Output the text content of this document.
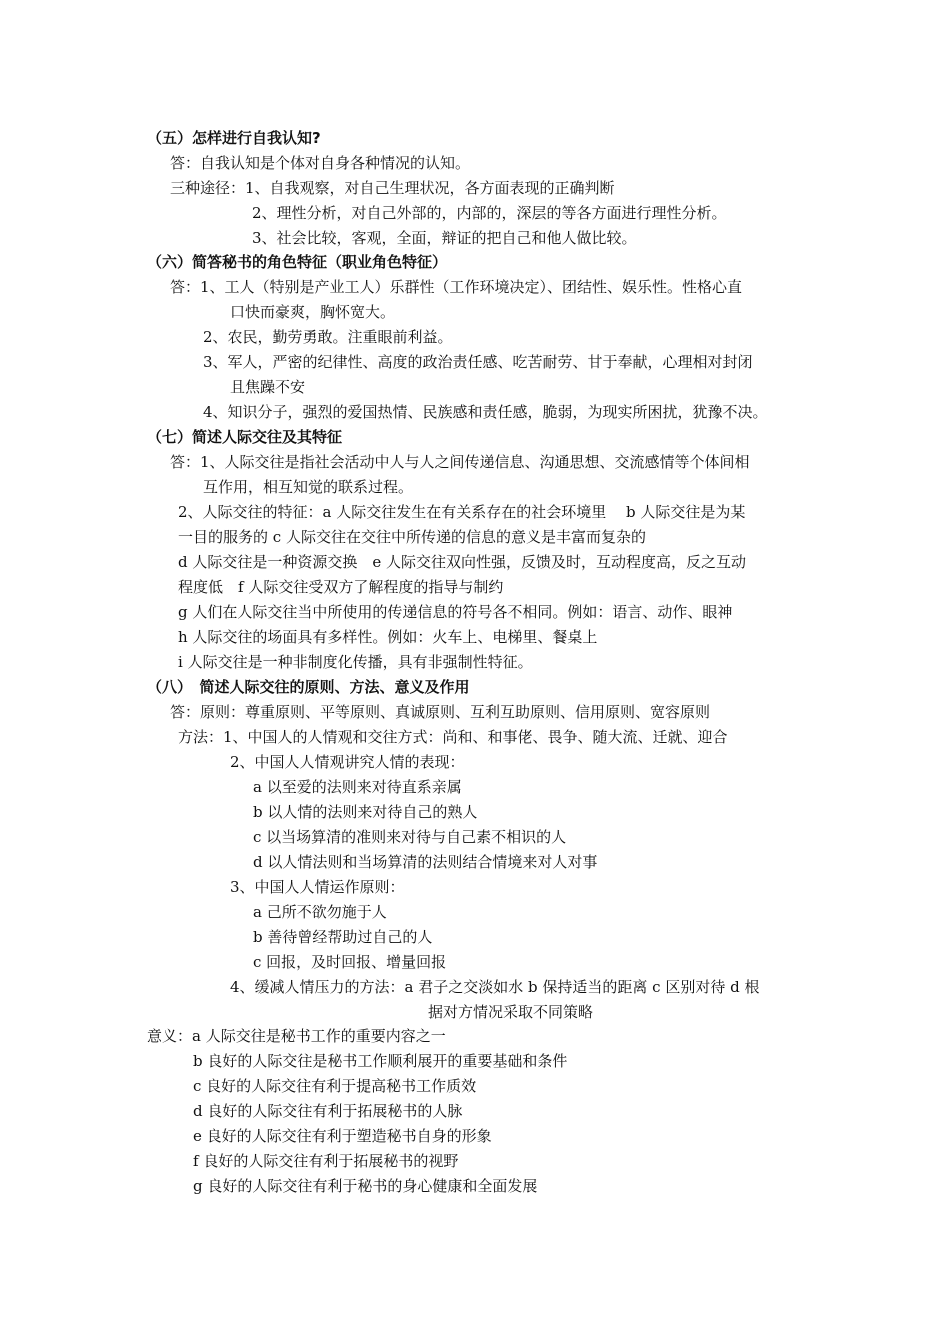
（五）怎样进行自我认知?
答：自我认知是个体对自身各种情况的认知。
三种途径：1、自我观察，对自己生理状况，各方面表现的正确判断
2、理性分析，对自己外部的，内部的，深层的等各方面进行理性分析。
3、社会比较，客观，全面，辩证的把自己和他人做比较。
（六）简答秘书的角色特征（职业角色特征）
答：1、工人（特别是产业工人）乐群性（工作环境决定）、团结性、娱乐性。性格心直
口快而豪爽，胸怀宽大。
2、农民，勤劳勇敢。注重眼前利益。
3、军人，严密的纪律性、高度的政治责任感、吃苦耐劳、甘于奉献，心理相对封闭
且焦躁不安
4、知识分子，强烈的爱国热情、民族感和责任感，脆弱，为现实所困扰，犹豫不决。
（七）简述人际交往及其特征
答：1、人际交往是指社会活动中人与人之间传递信息、沟通思想、交流感情等个体间相
互作用，相互知觉的联系过程。
2、人际交往的特征：a 人际交往发生在有关系存在的社会环境里　 b 人际交往是为某
一目的服务的 c 人际交往在交往中所传递的信息的意义是丰富而复杂的
d 人际交往是一种资源交换　e 人际交往双向性强，反馈及时，互动程度高，反之互动
程度低　f 人际交往受双方了解程度的指导与制约
g 人们在人际交往当中所使用的传递信息的符号各不相同。例如：语言、动作、眼神
h 人际交往的场面具有多样性。例如：火车上、电梯里、餐桌上
i 人际交往是一种非制度化传播，具有非强制性特征。
（八）　简述人际交往的原则、方法、意义及作用
答：原则：尊重原则、平等原则、真诚原则、互利互助原则、信用原则、宽容原则
方法：1、中国人的人情观和交往方式：尚和、和事佬、畏争、随大流、迁就、迎合
2、中国人人情观讲究人情的表现：
a 以至爱的法则来对待直系亲属
b 以人情的法则来对待自己的熟人
c 以当场算清的准则来对待与自己素不相识的人
d 以人情法则和当场算清的法则结合情境来对人对事
3、中国人人情运作原则：
a 己所不欲勿施于人
b 善待曾经帮助过自己的人
c 回报，及时回报、增量回报
4、缓减人情压力的方法：a 君子之交淡如水 b 保持适当的距离 c 区别对待 d 根
据对方情况采取不同策略
意义：a 人际交往是秘书工作的重要内容之一
b 良好的人际交往是秘书工作顺利展开的重要基础和条件
c 良好的人际交往有利于提高秘书工作质效
d 良好的人际交往有利于拓展秘书的人脉
e 良好的人际交往有利于塑造秘书自身的形象
f 良好的人际交往有利于拓展秘书的视野
g 良好的人际交往有利于秘书的身心健康和全面发展
